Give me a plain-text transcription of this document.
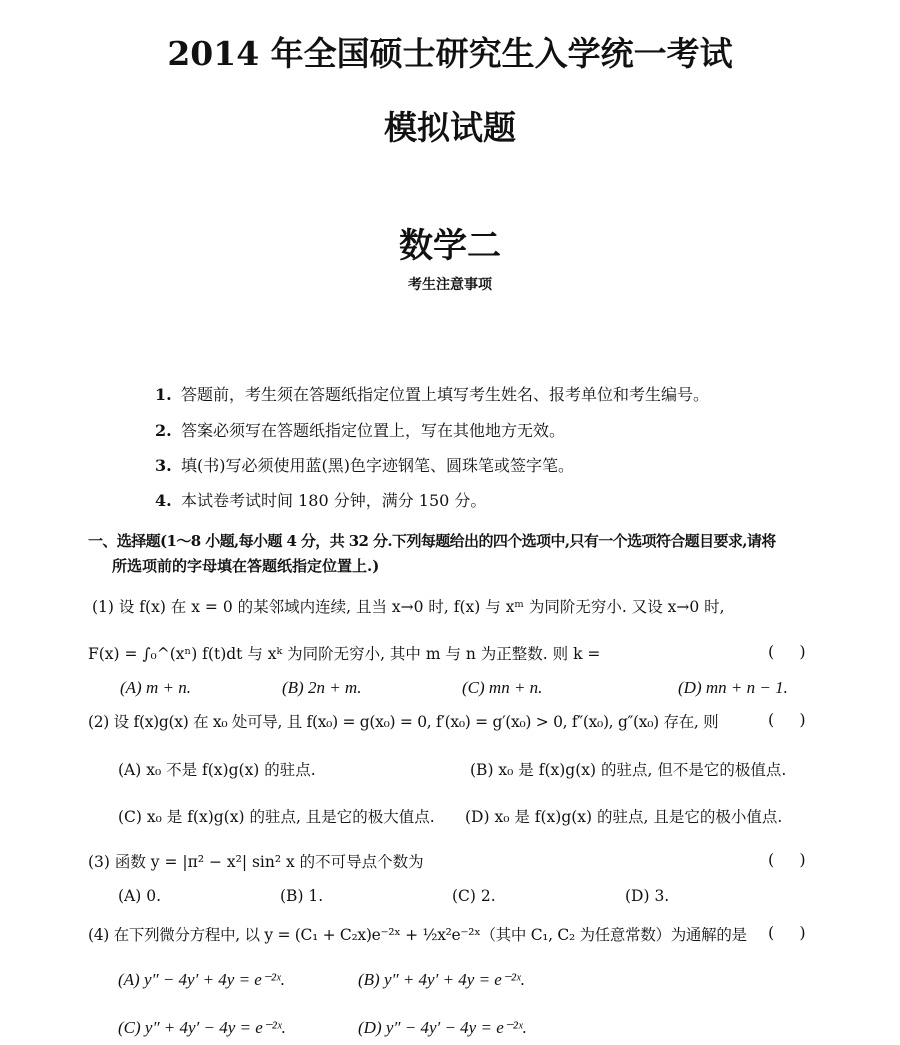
2014 年全国硕士研究生入学统一考试
模拟试题
数学二
考生注意事项
1. 答题前，考生须在答题纸指定位置上填写考生姓名、报考单位和考生编号。
2. 答案必须写在答题纸指定位置上，写在其他地方无效。
3. 填(书)写必须使用蓝(黑)色字迹钢笔、圆珠笔或签字笔。
4. 本试卷考试时间 180 分钟，满分 150 分。
一、选择题(1～8 小题,每小题 4 分，共 32 分.下列每题给出的四个选项中,只有一个选项符合题目要求,请将
所选项前的字母填在答题纸指定位置上.)
(1) 设 f(x) 在 x = 0 的某邻域内连续, 且当 x→0 时, f(x) 与 xᵐ 为同阶无穷小. 又设 x→0 时,
F(x) = ∫₀^(xⁿ) f(t)dt 与 xᵏ 为同阶无穷小, 其中 m 与 n 为正整数. 则 k =	( )
(A) m + n.	(B) 2n + m.	(C) mn + n.	(D) mn + n − 1.
(2) 设 f(x)g(x) 在 x₀ 处可导, 且 f(x₀) = g(x₀) = 0, f′(x₀) = g′(x₀) > 0, f″(x₀), g″(x₀) 存在, 则	( )
(A) x₀ 不是 f(x)g(x) 的驻点.	(B) x₀ 是 f(x)g(x) 的驻点, 但不是它的极值点.
(C) x₀ 是 f(x)g(x) 的驻点, 且是它的极大值点. (D) x₀ 是 f(x)g(x) 的驻点, 且是它的极小值点.
(3) 函数 y = |π² − x²| sin² x 的不可导点个数为	( )
(A) 0.	(B) 1.	(C) 2.	(D) 3.
(4) 在下列微分方程中, 以 y = (C₁ + C₂x)e⁻²ˣ + ½x²e⁻²ˣ（其中 C₁, C₂ 为任意常数）为通解的是 ( )
(A) y″ − 4y′ + 4y = e⁻²ˣ.	(B) y″ + 4y′ + 4y = e⁻²ˣ.
(C) y″ + 4y′ − 4y = e⁻²ˣ.	(D) y″ − 4y′ − 4y = e⁻²ˣ.
